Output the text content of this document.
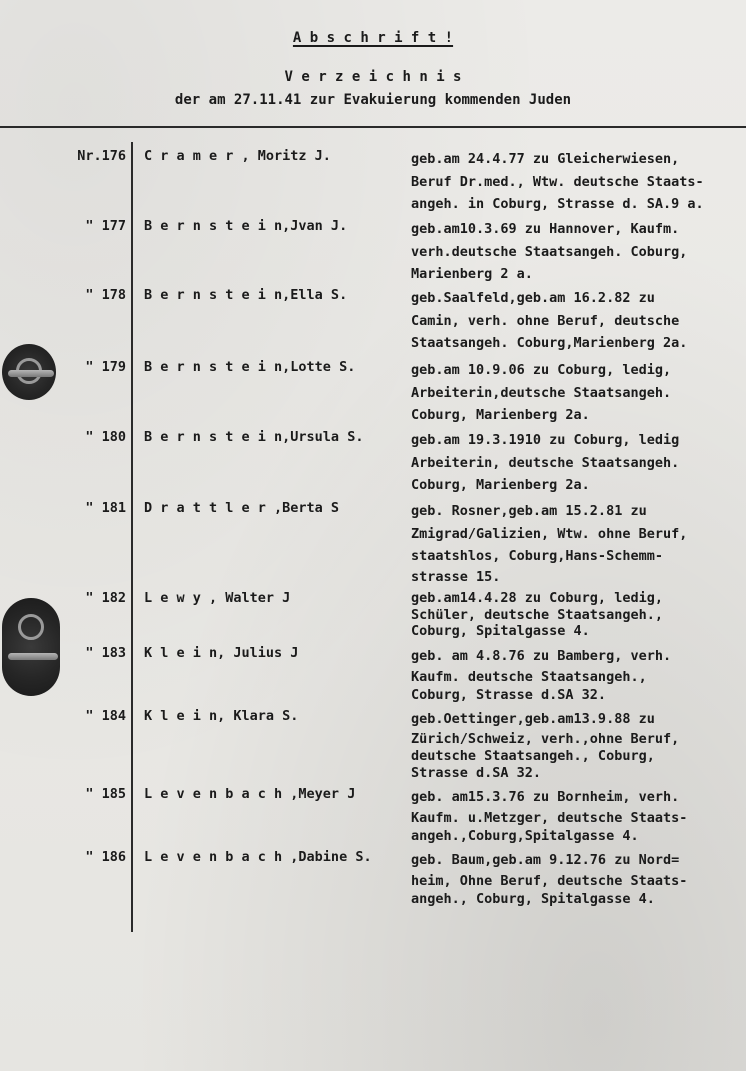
A b s c h r i f t !
V e r z e i c h n i s
der am 27.11.41 zur Evakuierung kommenden Juden
Nr.176 C r a m e r , Moritz J.	geb.am 24.4.77 zu Gleicherwiesen,
Beruf Dr.med., Wtw. deutsche Staats-
angeh. in Coburg, Strasse d. SA.9 a.
" 177 B e r n s t e i n,Jvan J.	geb.am10.3.69 zu Hannover, Kaufm.
verh.deutsche Staatsangeh. Coburg,
Marienberg 2 a.
" 178 B e r n s t e i n,Ella S.	geb.Saalfeld,geb.am 16.2.82 zu
Camin, verh. ohne Beruf, deutsche
Staatsangeh. Coburg,Marienberg 2a.
" 179 B e r n s t e i n,Lotte S.	geb.am 10.9.06 zu Coburg, ledig,
Arbeiterin,deutsche Staatsangeh.
Coburg, Marienberg 2a.
" 180 B e r n s t e i n,Ursula S.	geb.am 19.3.1910 zu Coburg, ledig
Arbeiterin, deutsche Staatsangeh.
Coburg, Marienberg 2a.
" 181 D r a t t l e r ,Berta S	geb. Rosner,geb.am 15.2.81 zu
Zmigrad/Galizien, Wtw. ohne Beruf,
staatshlos, Coburg,Hans-Schemm-
strasse 15.
" 182 L e w y , Walter J	geb.am14.4.28 zu Coburg, ledig,
Schüler, deutsche Staatsangeh.,
Coburg, Spitalgasse 4.
" 183 K l e i n, Julius J	geb. am 4.8.76 zu Bamberg, verh.
Kaufm. deutsche Staatsangeh.,
Coburg, Strasse d.SA 32.
" 184 K l e i n, Klara S.	geb.Oettinger,geb.am13.9.88 zu
Zürich/Schweiz, verh.,ohne Beruf,
deutsche Staatsangeh., Coburg,
Strasse d.SA 32.
" 185 L e v e n b a c h ,Meyer J	geb. am15.3.76 zu Bornheim, verh.
Kaufm. u.Metzger, deutsche Staats-
angeh.,Coburg,Spitalgasse 4.
" 186 L e v e n b a c h ,Dabine S.	geb. Baum,geb.am 9.12.76 zu Nord=
heim, Ohne Beruf, deutsche Staats-
angeh., Coburg, Spitalgasse 4.
